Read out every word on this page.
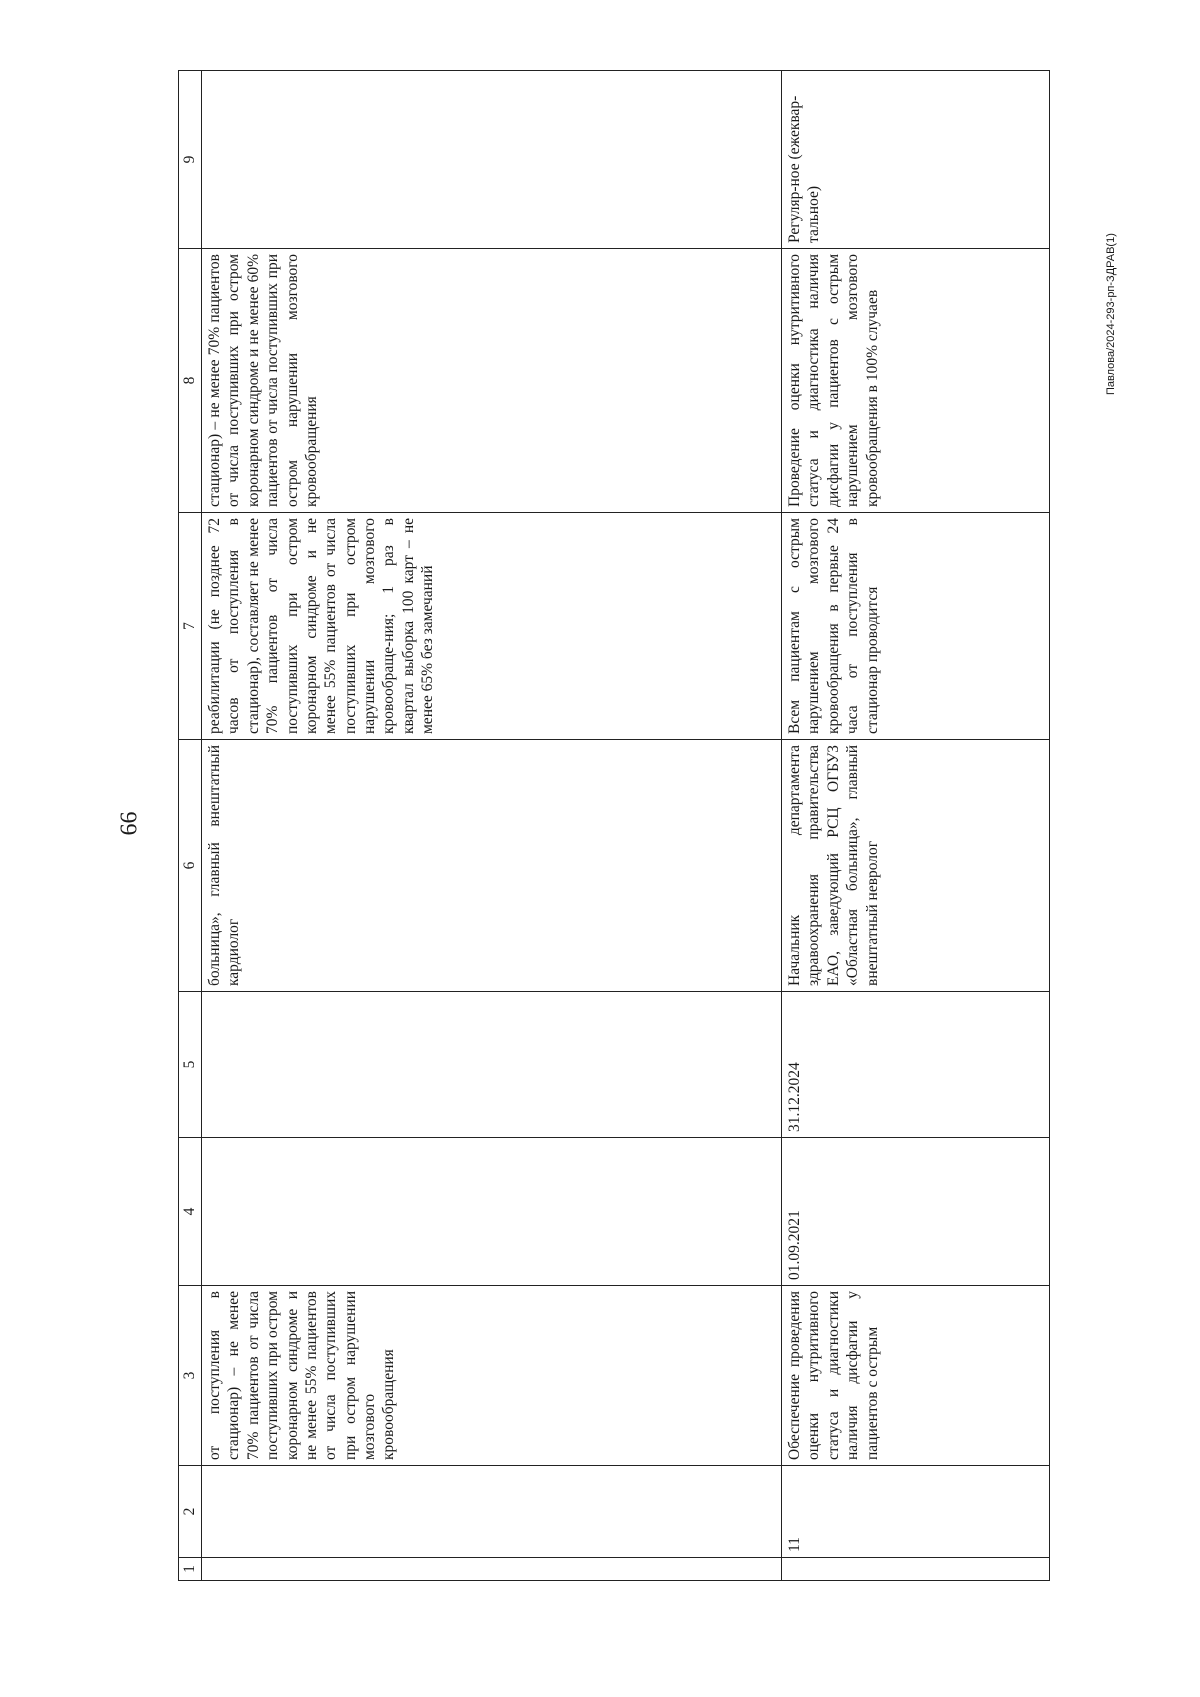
66
Павлова/2024-293-рп-ЗДРАВ(1)
1	2	3	4	5	6	7	8	9
		от поступления в стационар) – не менее 70% пациентов от числа поступивших при остром коронарном синдроме и не менее 55% пациентов от числа поступивших при остром нарушении мозгового кровообращения			больница», главный внештатный кардиолог	реабилитации (не позднее 72 часов от поступления в стационар), составляет не менее 70% пациентов от числа поступивших при остром коронарном синдроме и не менее 55% пациентов от числа поступивших при остром нарушении мозгового кровообраще-ния; 1 раз в квартал выборка 100 карт – не менее 65% без замечаний	стационар) – не менее 70% пациентов от числа поступивших при остром коронарном синдроме и не менее 60% пациентов от числа поступивших при остром нарушении мозгового кровообращения	
	11	Обеспечение проведения оценки нутритивного статуса и диагностики наличия дисфагии у пациентов с острым	01.09.2021	31.12.2024	Начальник департамента здравоохранения правительства ЕАО, заведующий РСЦ ОГБУЗ «Областная больница», главный внештатный невролог	Всем пациентам с острым нарушением мозгового кровообращения в первые 24 часа от поступления в стационар проводится	Проведение оценки нутритивного статуса и диагностика наличия дисфагии у пациентов с острым нарушением мозгового кровообращения в 100% случаев	Регуляр-ное (ежеквар-тальное)
